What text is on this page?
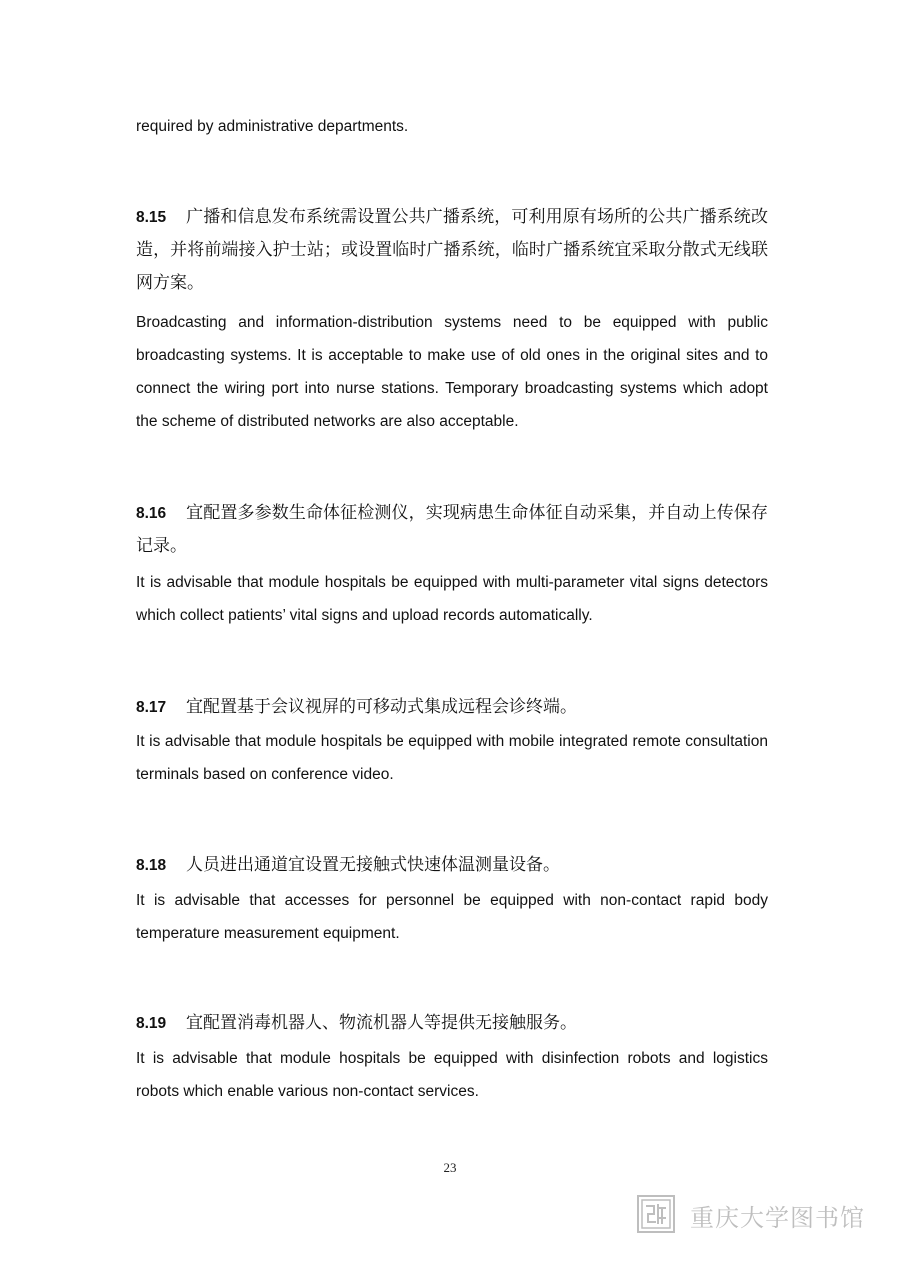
required by administrative departments.

8.15 广播和信息发布系统需设置公共广播系统，可利用原有场所的公共广播系统改造，并将前端接入护士站；或设置临时广播系统，临时广播系统宜采取分散式无线联网方案。

Broadcasting and information-distribution systems need to be equipped with public broadcasting systems. It is acceptable to make use of old ones in the original sites and to connect the wiring port into nurse stations. Temporary broadcasting systems which adopt the scheme of distributed networks are also acceptable.

8.16 宜配置多参数生命体征检测仪，实现病患生命体征自动采集，并自动上传保存记录。

It is advisable that module hospitals be equipped with multi-parameter vital signs detectors which collect patients’ vital signs and upload records automatically.

8.17 宜配置基于会议视屏的可移动式集成远程会诊终端。

It is advisable that module hospitals be equipped with mobile integrated remote consultation terminals based on conference video.

8.18 人员进出通道宜设置无接触式快速体温测量设备。

It is advisable that accesses for personnel be equipped with non-contact rapid body temperature measurement equipment.

8.19 宜配置消毒机器人、物流机器人等提供无接触服务。

It is advisable that module hospitals be equipped with disinfection robots and logistics robots which enable various non-contact services.

23
重庆大学图书馆
